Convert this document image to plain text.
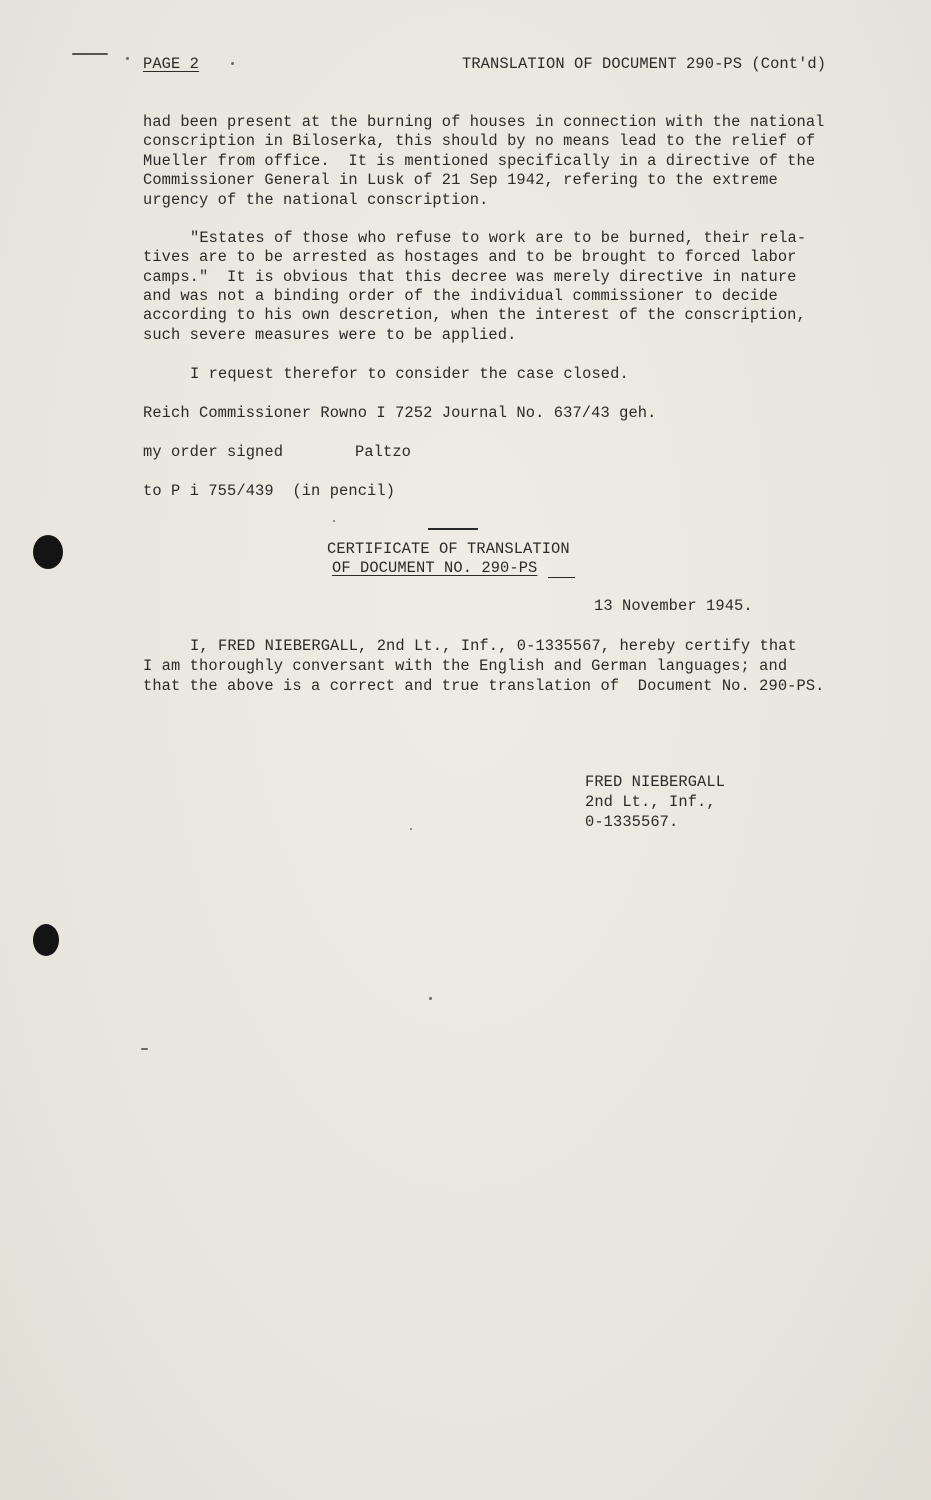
PAGE 2	TRANSLATION OF DOCUMENT 290-PS (Cont'd)
had been present at the burning of houses in connection with the national
conscription in Biloserka, this should by no means lead to the relief of
Mueller from office.  It is mentioned specifically in a directive of the
Commissioner General in Lusk of 21 Sep 1942, refering to the extreme
urgency of the national conscription.
"Estates of those who refuse to work are to be burned, their rela-
tives are to be arrested as hostages and to be brought to forced labor
camps."  It is obvious that this decree was merely directive in nature
and was not a binding order of the individual commissioner to decide
according to his own descretion, when the interest of the conscription,
such severe measures were to be applied.
I request therefor to consider the case closed.
Reich Commissioner Rowno I 7252 Journal No. 637/43 geh.
my order signed	Paltzo
to P i 755/439  (in pencil)
CERTIFICATE OF TRANSLATION
OF DOCUMENT NO. 290-PS
13 November 1945.
I, FRED NIEBERGALL, 2nd Lt., Inf., 0-1335567, hereby certify that
I am thoroughly conversant with the English and German languages; and
that the above is a correct and true translation of  Document No. 290-PS.
FRED NIEBERGALL
2nd Lt., Inf.,
0-1335567.
